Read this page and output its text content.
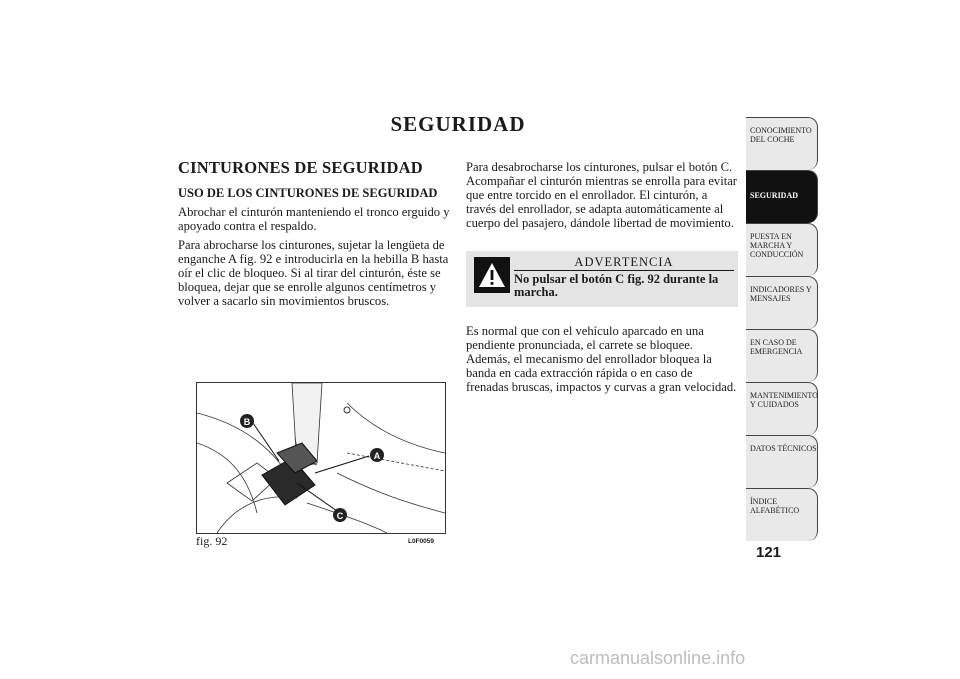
SEGURIDAD
CINTURONES DE SEGURIDAD
USO DE LOS CINTURONES DE SEGURIDAD

Abrochar el cinturón manteniendo el tronco erguido y apoyado contra el respaldo.

Para abrocharse los cinturones, sujetar la lengüeta de enganche A fig. 92 e introducirla en la hebilla B hasta oír el clic de bloqueo. Si al tirar del cinturón, éste se bloquea, dejar que se enrolle algunos centímetros y volver a sacarlo sin movimientos bruscos.

Para desabrocharse los cinturones, pulsar el botón C. Acompañar el cinturón mientras se enrolla para evitar que entre torcido en el enrollador. El cinturón, a través del enrollador, se adapta automáticamente al cuerpo del pasajero, dándole libertad de movimiento.

ADVERTENCIA
No pulsar el botón C fig. 92 durante la marcha.

Es normal que con el vehículo aparcado en una pendiente pronunciada, el carrete se bloquee. Además, el mecanismo del enrollador bloquea la banda en cada extracción rápida o en caso de frenadas bruscas, impactos y curvas a gran velocidad.

B
A
C
fig. 92	L0F0059
CONOCIMIENTO DEL COCHE
SEGURIDAD
PUESTA EN MARCHA Y CONDUCCIÓN
INDICADORES Y MENSAJES
EN CASO DE EMERGENCIA
MANTENIMIENTO Y CUIDADOS
DATOS TÉCNICOS
ÍNDICE ALFABÉTICO
121
carmanualsonline.info
